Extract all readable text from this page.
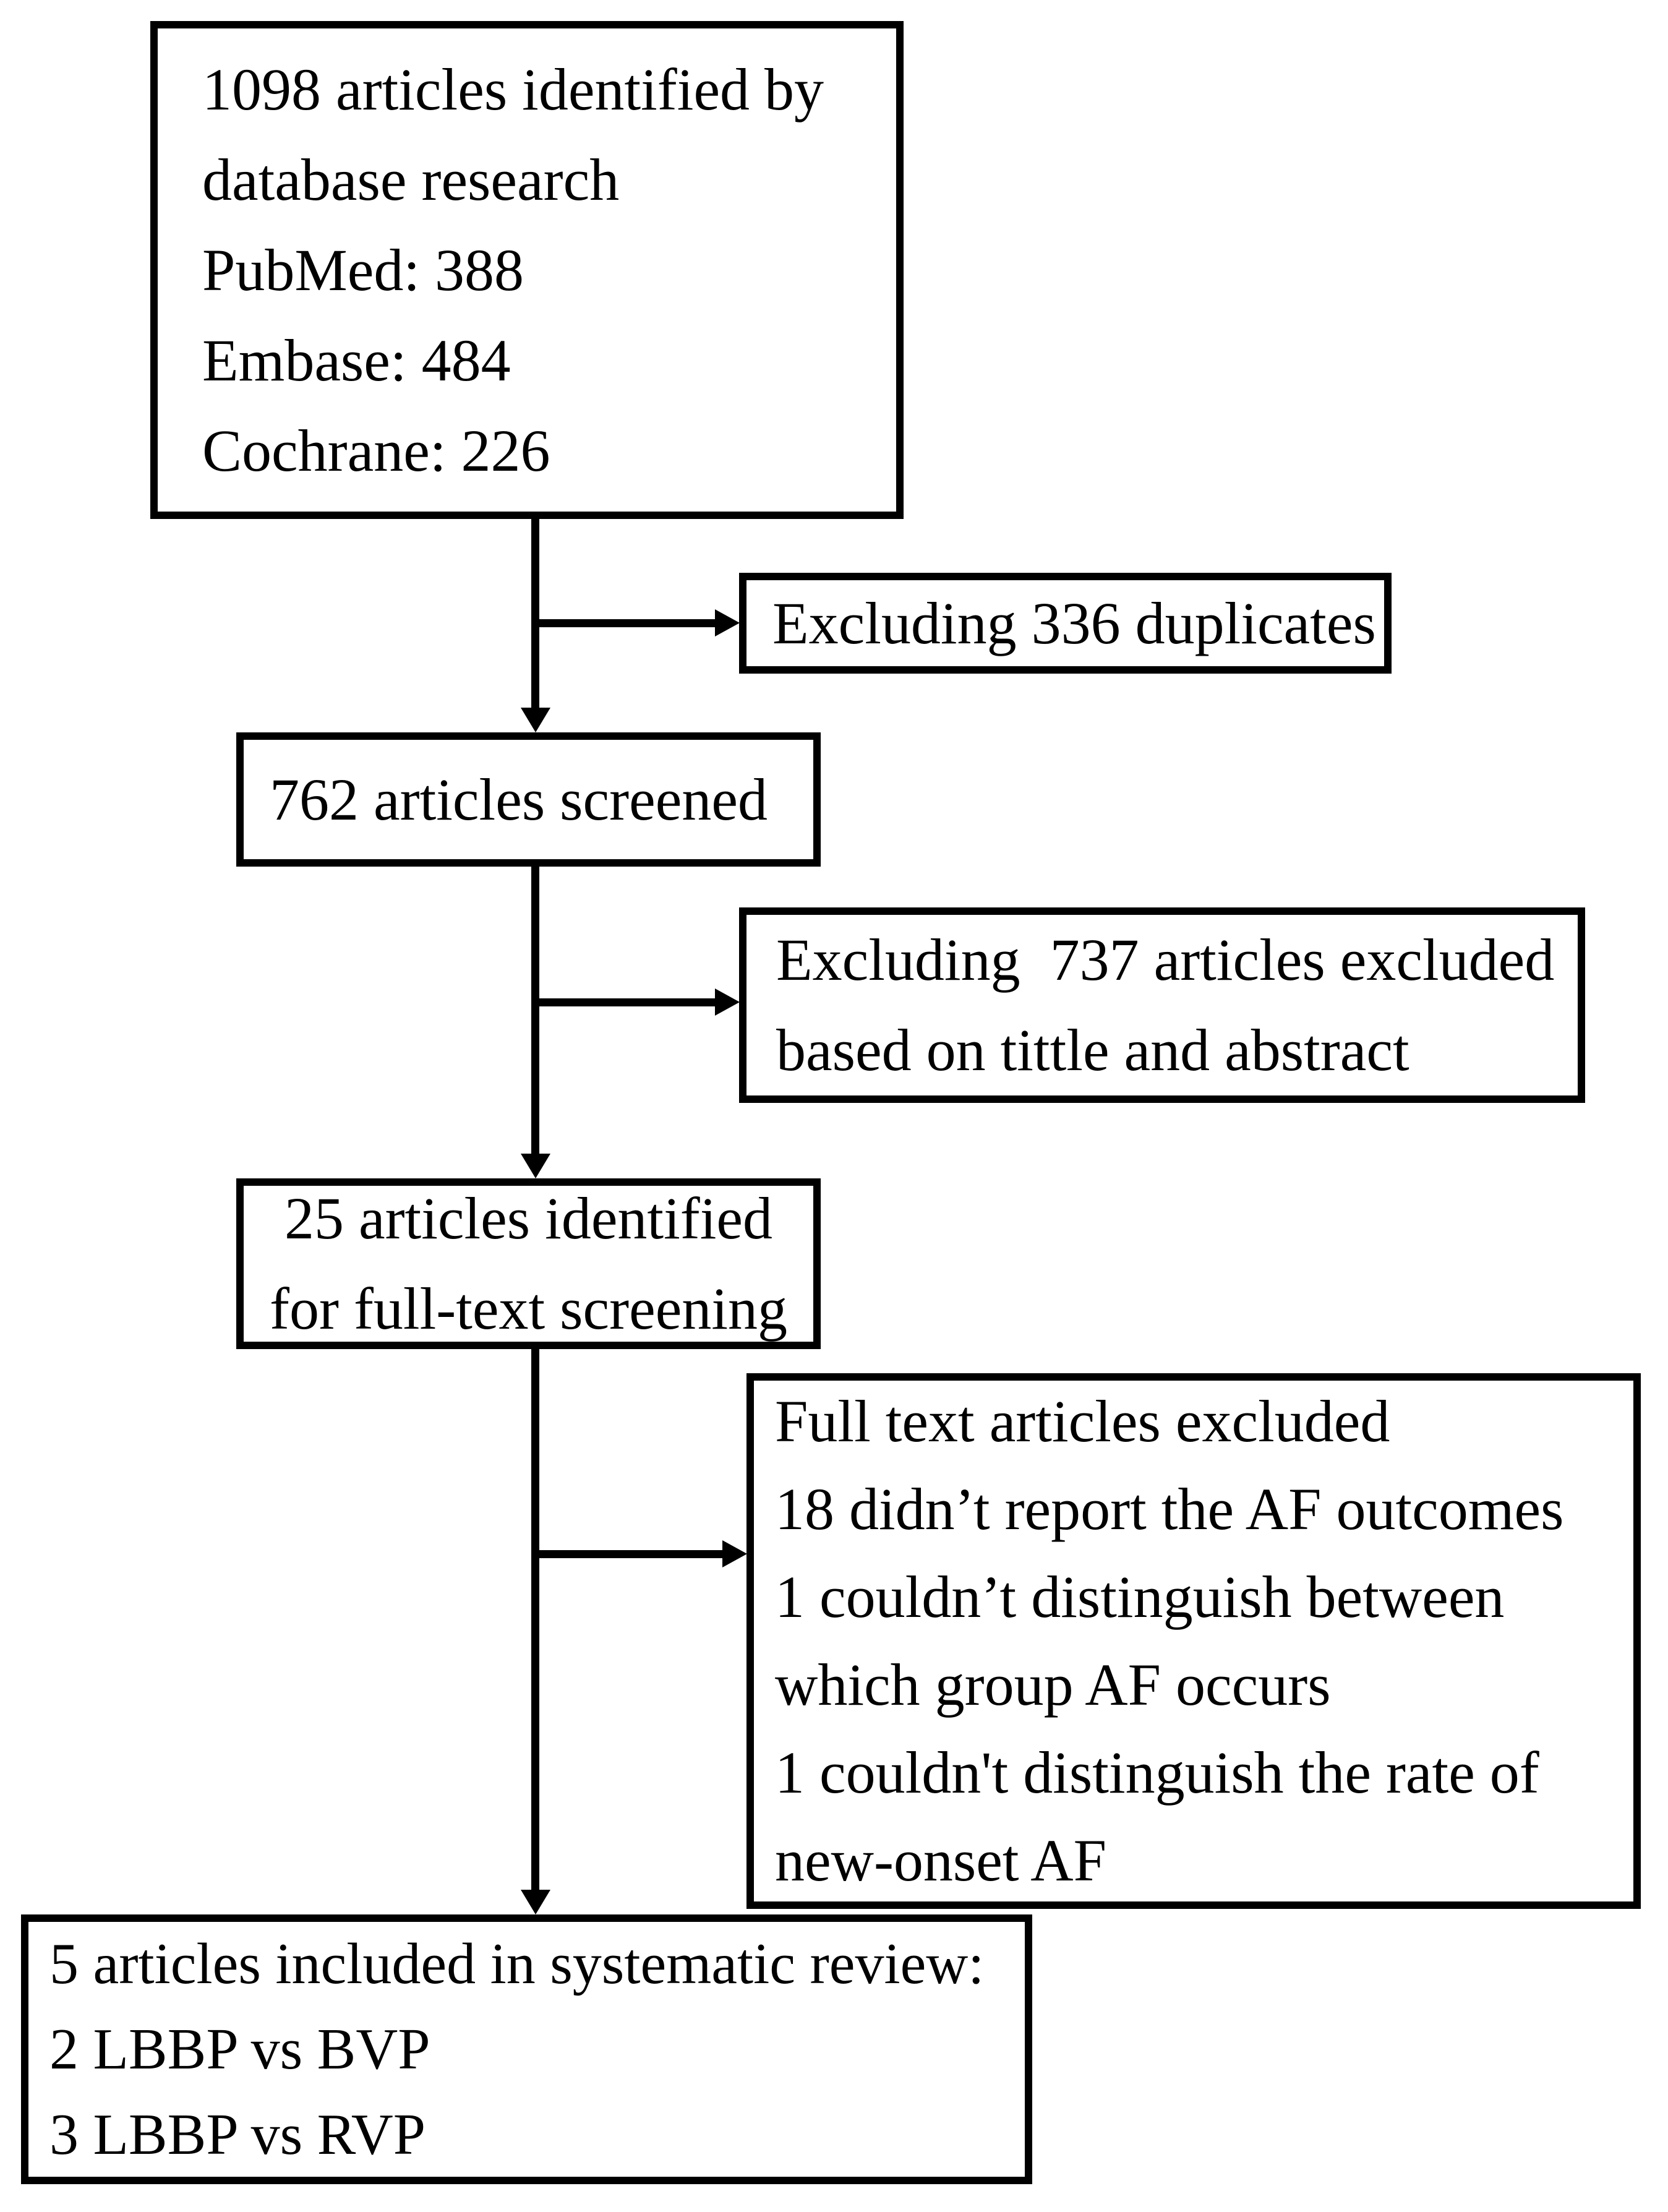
1098 articles identified by
database research
PubMed: 388
Embase: 484
Cochrane: 226
Excluding 336 duplicates
762 articles screened
Excluding  737 articles excluded
based on tittle and abstract
25 articles identified
for full-text screening
Full text articles excluded
18 didn’t report the AF outcomes
1 couldn’t distinguish between
which group AF occurs
1 couldn't distinguish the rate of
new-onset AF
5 articles included in systematic review:
2 LBBP vs BVP
3 LBBP vs RVP
